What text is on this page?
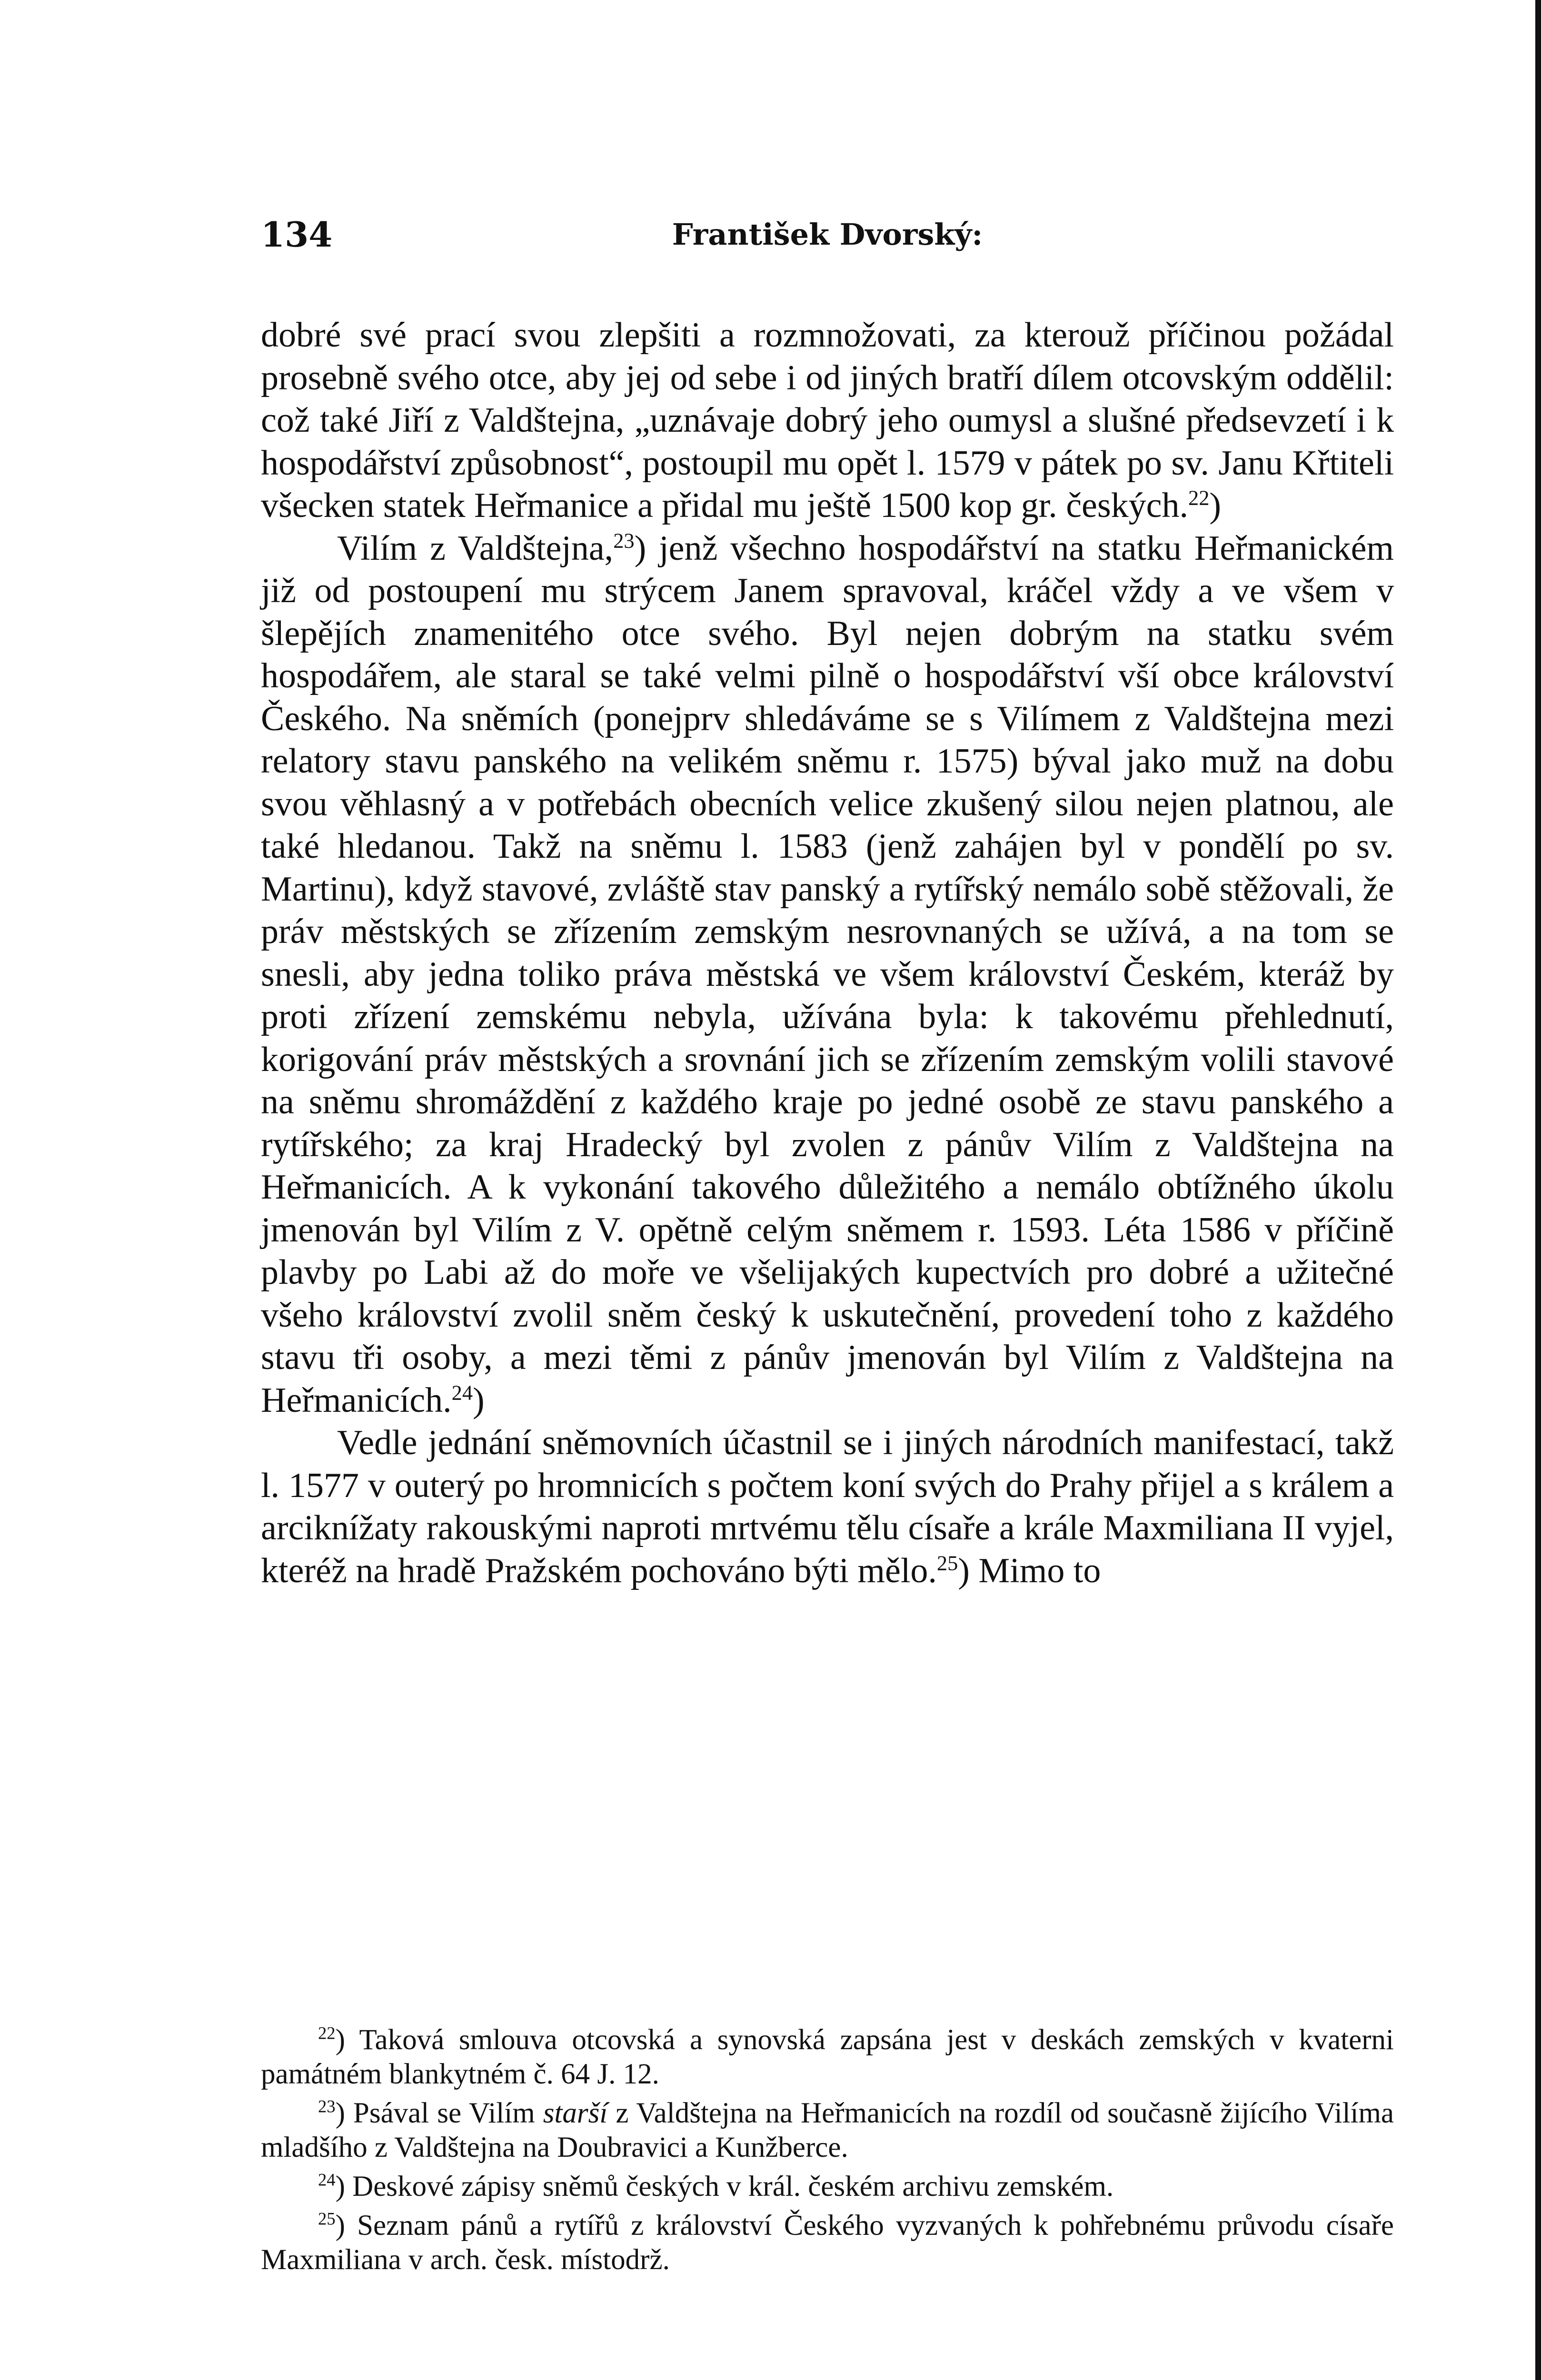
134	František Dvorský:

dobré své prací svou zlepšiti a rozmnožovati, za kterouž příčinou požádal prosebně svého otce, aby jej od sebe i od jiných bratří dílem otcovským oddělil: což také Jiří z Valdštejna, „uznávaje dobrý jeho oumysl a slušné předsevzetí i k hospodářství způsobnost“, postoupil mu opět l. 1579 v pátek po sv. Janu Křtiteli všecken statek Heřmanice a přidal mu ještě 1500 kop gr. českých.$^{22}$)

Vilím z Valdštejna,$^{23}$) jenž všechno hospodářství na statku Heřmanickém již od postoupení mu strýcem Janem spravoval, kráčel vždy a ve všem v šlepějích znamenitého otce svého. Byl nejen dobrým na statku svém hospodářem, ale staral se také velmi pilně o hospodářství vší obce království Českého. Na sněmích (ponejprv shledáváme se s Vilímem z Valdštejna mezi relatory stavu panského na velikém sněmu r. 1575) býval jako muž na dobu svou věhlasný a v potřebách obecních velice zkušený silou nejen platnou, ale také hledanou. Takž na sněmu l. 1583 (jenž zahájen byl v pondělí po sv. Martinu), když stavové, zvláště stav panský a rytířský nemálo sobě stěžovali, že práv městských se zřízením zemským nesrovnaných se užívá, a na tom se snesli, aby jedna toliko práva městská ve všem království Českém, kteráž by proti zřízení zemskému nebyla, užívána byla: k takovému přehlednutí, korigování práv městských a srovnání jich se zřízením zemským volili stavové na sněmu shromáždění z každého kraje po jedné osobě ze stavu panského a rytířského; za kraj Hradecký byl zvolen z pánův Vilím z Valdštejna na Heřmanicích. A k vykonání takového důležitého a nemálo obtížného úkolu jmenován byl Vilím z V. opětně celým sněmem r. 1593. Léta 1586 v příčině plavby po Labi až do moře ve všelijakých kupectvích pro dobré a užitečné všeho království zvolil sněm český k uskutečnění, provedení toho z každého stavu tři osoby, a mezi těmi z pánův jmenován byl Vilím z Valdštejna na Heřmanicích.$^{24}$)

Vedle jednání sněmovních účastnil se i jiných národních manifestací, takž l. 1577 v outerý po hromnicích s počtem koní svých do Prahy přijel a s králem a arciknížaty rakouskými naproti mrtvému tělu císaře a krále Maxmiliana II vyjel, kteréž na hradě Pražském pochováno býti mělo.$^{25}$) Mimo to

$^{22}$) Taková smlouva otcovská a synovská zapsána jest v deskách zemských v kvaterni památném blankytném č. 64 J. 12.

$^{23}$) Psával se Vilím starší z Valdštejna na Heřmanicích na rozdíl od současně žijícího Vilíma mladšího z Valdštejna na Doubravici a Kunžberce.

$^{24}$) Deskové zápisy sněmů českých v král. českém archivu zemském.

$^{25}$) Seznam pánů a rytířů z království Českého vyzvaných k pohřebnému průvodu císaře Maxmiliana v arch. česk. místodrž.
